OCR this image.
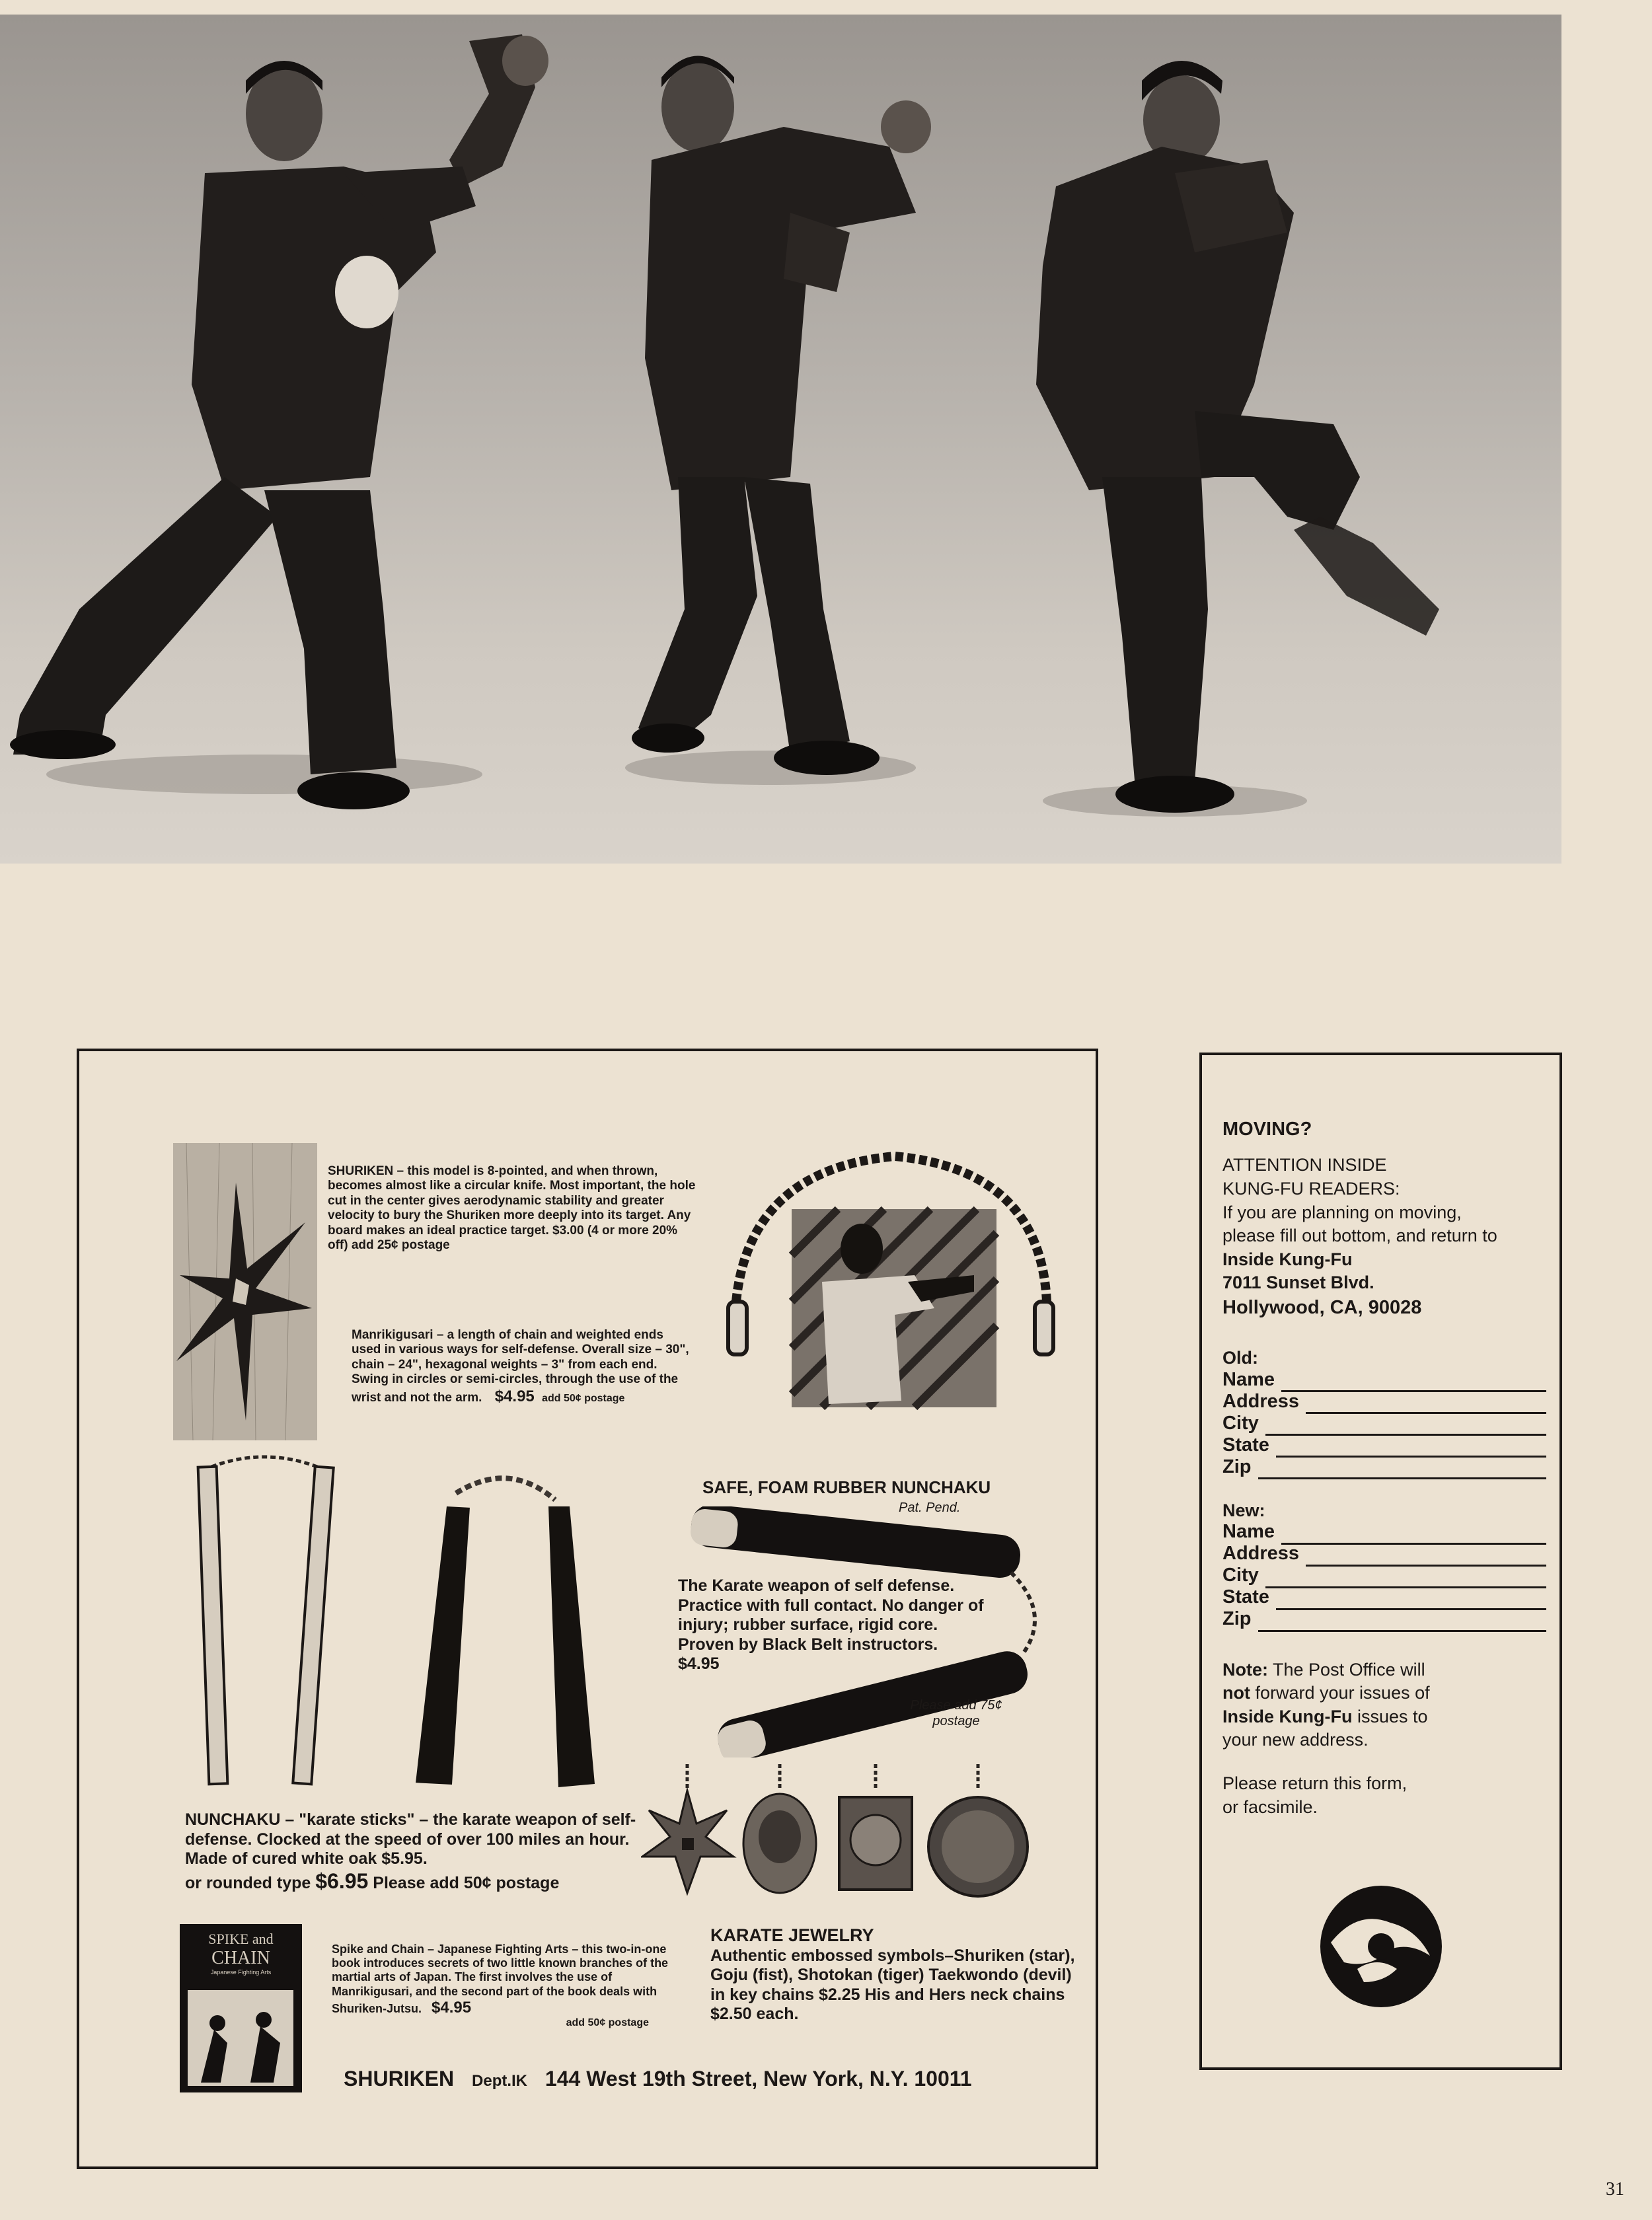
SHURIKEN – this model is 8-pointed, and when thrown, becomes almost like a circular knife. Most important, the hole cut in the center gives aerodynamic stability and greater velocity to bury the Shuriken more deeply into its target. Any board makes an ideal practice target. $3.00 (4 or more 20% off) add 25¢ postage
Manrikigusari – a length of chain and weighted ends used in various ways for self-defense. Overall size – 30", chain – 24", hexagonal weights – 3" from each end. Swing in circles or semi-circles, through the use of the wrist and not the arm. $4.95 add 50¢ postage
SAFE, FOAM RUBBER NUNCHAKU
Pat. Pend.
The Karate weapon of self defense. Practice with full contact. No danger of injury; rubber surface, rigid core. Proven by Black Belt instructors.
$4.95
Please add 75¢ postage
NUNCHAKU – "karate sticks" – the karate weapon of self-defense. Clocked at the speed of over 100 miles an hour. Made of cured white oak $5.95.
or rounded type $6.95 Please add 50¢ postage
SPIKE and
CHAIN
Japanese Fighting Arts
Spike and Chain – Japanese Fighting Arts – this two-in-one book introduces secrets of two little known branches of the martial arts of Japan. The first involves the use of Manrikigusari, and the second part of the book deals with Shuriken-Jutsu. $4.95
add 50¢ postage
KARATE JEWELRY
Authentic embossed symbols–Shuriken (star), Goju (fist), Shotokan (tiger) Taekwondo (devil) in key chains $2.25 His and Hers neck chains $2.50 each.
SHURIKEN Dept.IK 144 West 19th Street, New York, N.Y. 10011
MOVING?
ATTENTION INSIDE
KUNG-FU READERS:
If you are planning on moving, please fill out bottom, and return to
Inside Kung-Fu
7011 Sunset Blvd.
Hollywood, CA, 90028
Old:
Name
Address
City
State
Zip
New:
Name
Address
City
State
Zip
Note: The Post Office will not forward your issues of Inside Kung-Fu issues to your new address.
Please return this form, or facsimile.
31
